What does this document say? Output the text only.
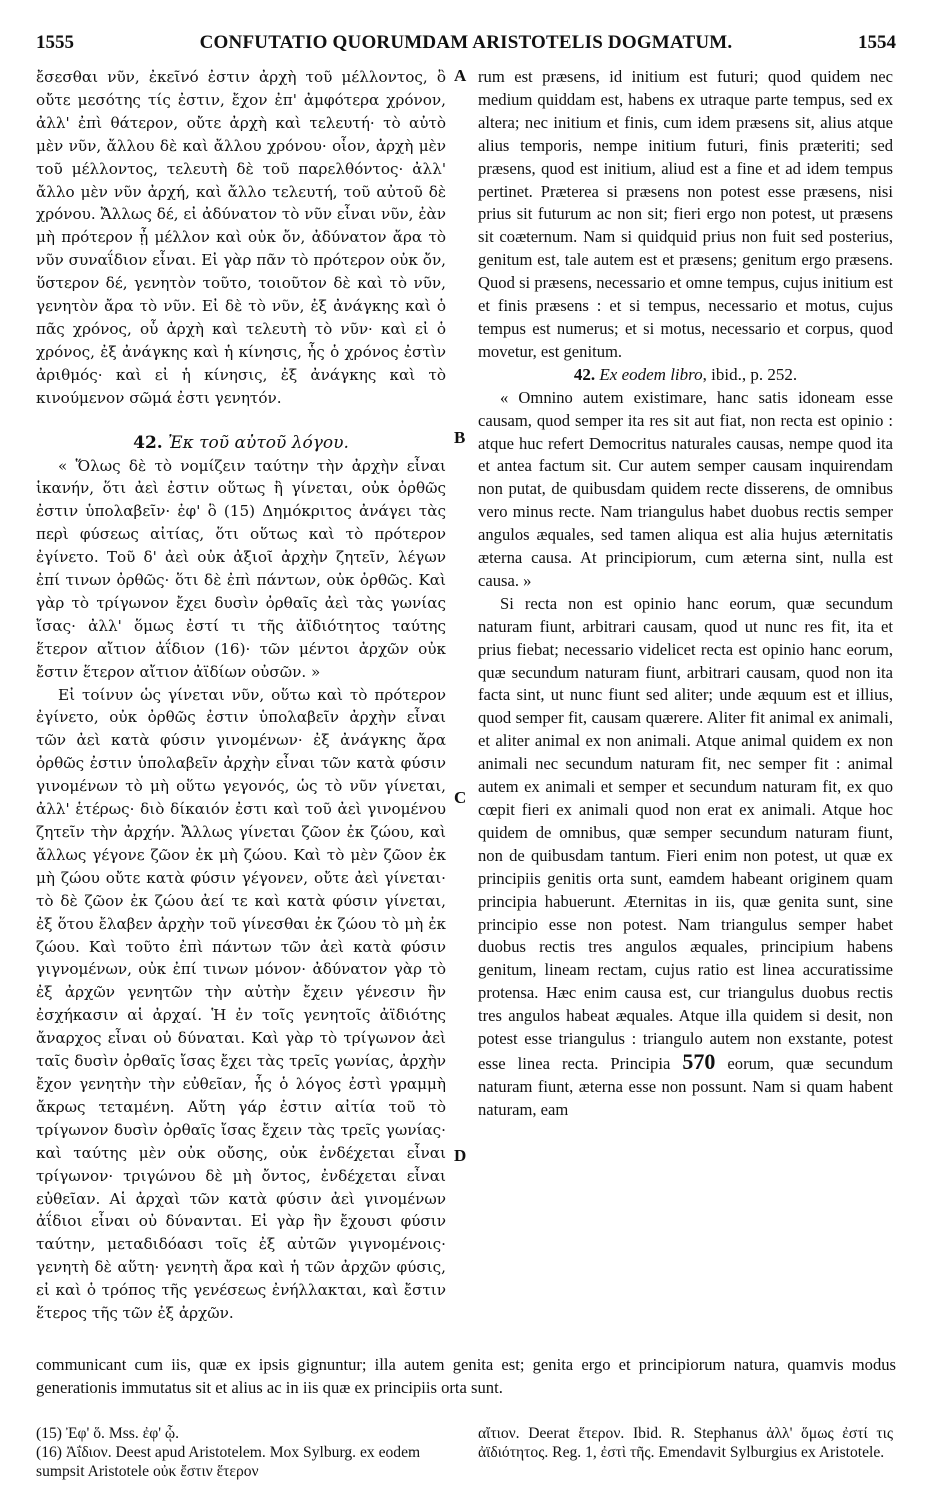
1555	CONFUTATIO QUORUMDAM ARISTOTELIS DOGMATUM.	1554

ἔσεσθαι νῦν, ἐκεῖνό ἐστιν ἀρχὴ τοῦ μέλλοντος, ὃ οὔτε μεσότης τίς ἐστιν, ἔχον ἐπ' ἀμφότερα χρόνον, ἀλλ' ἐπὶ θάτερον, οὔτε ἀρχὴ καὶ τελευτή· τὸ αὐτὸ μὲν νῦν, ἄλλου δὲ καὶ ἄλλου χρόνου· οἷον, ἀρχὴ μὲν τοῦ μέλλοντος, τελευτὴ δὲ τοῦ παρελθόντος· ἀλλ' ἄλλο μὲν νῦν ἀρχή, καὶ ἄλλο τελευτή, τοῦ αὐτοῦ δὲ χρόνου. Ἄλλως δέ, εἰ ἀδύνατον τὸ νῦν εἶναι νῦν, ἐὰν μὴ πρότερον ᾖ μέλλον καὶ οὐκ ὄν, ἀδύνατον ἄρα τὸ νῦν συναΐδιον εἶναι. Εἰ γὰρ πᾶν τὸ πρότερον οὐκ ὄν, ὕστερον δέ, γενητὸν τοῦτο, τοιοῦτον δὲ καὶ τὸ νῦν, γενητὸν ἄρα τὸ νῦν. Εἰ δὲ τὸ νῦν, ἐξ ἀνάγκης καὶ ὁ πᾶς χρόνος, οὗ ἀρχὴ καὶ τελευτὴ τὸ νῦν· καὶ εἰ ὁ χρόνος, ἐξ ἀνάγκης καὶ ἡ κίνησις, ἧς ὁ χρόνος ἐστὶν ἀριθμός· καὶ εἰ ἡ κίνησις, ἐξ ἀνάγκης καὶ τὸ κινούμενον σῶμά ἐστι γενητόν.

42. Ἐκ τοῦ αὐτοῦ λόγου.

« Ὅλως δὲ τὸ νομίζειν ταύτην τὴν ἀρχὴν εἶναι ἱκανήν, ὅτι ἀεὶ ἐστιν οὕτως ἢ γίνεται, οὐκ ὀρθῶς ἐστιν ὑπολαβεῖν· ἐφ' ὃ (15) Δημόκριτος ἀνάγει τὰς περὶ φύσεως αἰτίας, ὅτι οὕτως καὶ τὸ πρότερον ἐγίνετο. Τοῦ δ' ἀεὶ οὐκ ἀξιοῖ ἀρχὴν ζητεῖν, λέγων ἐπί τινων ὀρθῶς· ὅτι δὲ ἐπὶ πάντων, οὐκ ὀρθῶς. Καὶ γὰρ τὸ τρίγωνον ἔχει δυσὶν ὀρθαῖς ἀεὶ τὰς γωνίας ἴσας· ἀλλ' ὅμως ἐστί τι τῆς ἀϊδιότητος ταύτης ἕτερον αἴτιον ἀΐδιον (16)· τῶν μέντοι ἀρχῶν οὐκ ἔστιν ἕτερον αἴτιον ἀϊδίων οὐσῶν. »

Εἰ τοίνυν ὡς γίνεται νῦν, οὕτω καὶ τὸ πρότερον ἐγίνετο, οὐκ ὀρθῶς ἐστιν ὑπολαβεῖν ἀρχὴν εἶναι τῶν ἀεὶ κατὰ φύσιν γινομένων· ἐξ ἀνάγκης ἄρα ὀρθῶς ἐστιν ὑπολαβεῖν ἀρχὴν εἶναι τῶν κατὰ φύσιν γινομένων τὸ μὴ οὕτω γεγονός, ὡς τὸ νῦν γίνεται, ἀλλ' ἑτέρως· διὸ δίκαιόν ἐστι καὶ τοῦ ἀεὶ γινομένου ζητεῖν τὴν ἀρχήν. Ἄλλως γίνεται ζῶον ἐκ ζώου, καὶ ἄλλως γέγονε ζῶον ἐκ μὴ ζώου. Καὶ τὸ μὲν ζῶον ἐκ μὴ ζώου οὔτε κατὰ φύσιν γέγονεν, οὔτε ἀεὶ γίνεται· τὸ δὲ ζῶον ἐκ ζώου ἀεί τε καὶ κατὰ φύσιν γίνεται, ἐξ ὅτου ἔλαβεν ἀρχὴν τοῦ γίνεσθαι ἐκ ζώου τὸ μὴ ἐκ ζώου. Καὶ τοῦτο ἐπὶ πάντων τῶν ἀεὶ κατὰ φύσιν γιγνομένων, οὐκ ἐπί τινων μόνον· ἀδύνατον γὰρ τὸ ἐξ ἀρχῶν γενητῶν τὴν αὐτὴν ἔχειν γένεσιν ἣν ἐσχήκασιν αἱ ἀρχαί. Ἡ ἐν τοῖς γενητοῖς ἀϊδιότης ἄναρχος εἶναι οὐ δύναται. Καὶ γὰρ τὸ τρίγωνον ἀεὶ ταῖς δυσὶν ὀρθαῖς ἴσας ἔχει τὰς τρεῖς γωνίας, ἀρχὴν ἔχον γενητὴν τὴν εὐθεῖαν, ἧς ὁ λόγος ἐστὶ γραμμὴ ἄκρως τεταμένη. Αὕτη γάρ ἐστιν αἰτία τοῦ τὸ τρίγωνον δυσὶν ὀρθαῖς ἴσας ἔχειν τὰς τρεῖς γωνίας· καὶ ταύτης μὲν οὐκ οὔσης, οὐκ ἐνδέχεται εἶναι τρίγωνον· τριγώνου δὲ μὴ ὄντος, ἐνδέχεται εἶναι εὐθεῖαν. Αἱ ἀρχαὶ τῶν κατὰ φύσιν ἀεὶ γινομένων ἀΐδιοι εἶναι οὐ δύνανται. Εἰ γὰρ ἣν ἔχουσι φύσιν ταύτην, μεταδιδόασι τοῖς ἐξ αὐτῶν γιγνομένοις· γενητὴ δὲ αὕτη· γενητὴ ἄρα καὶ ἡ τῶν ἀρχῶν φύσις, εἰ καὶ ὁ τρόπος τῆς γενέσεως ἐνήλλακται, καὶ ἔστιν ἕτερος τῆς τῶν ἐξ ἀρχῶν.

A
B
C
D

rum est præsens, id initium est futuri; quod quidem nec medium quiddam est, habens ex utraque parte tempus, sed ex altera; nec initium et finis, cum idem præsens sit, alius atque alius temporis, nempe initium futuri, finis præteriti; sed præsens, quod est initium, aliud est a fine et ad idem tempus pertinet. Præterea si præsens non potest esse præsens, nisi prius sit futurum ac non sit; fieri ergo non potest, ut præsens sit coæternum. Nam si quidquid prius non fuit sed posterius, genitum est, tale autem est et præsens; genitum ergo præsens. Quod si præsens, necessario et omne tempus, cujus initium est et finis præsens : et si tempus, necessario et motus, cujus tempus est numerus; et si motus, necessario et corpus, quod movetur, est genitum.

42. Ex eodem libro, ibid., p. 252.

« Omnino autem existimare, hanc satis idoneam esse causam, quod semper ita res sit aut fiat, non recta est opinio : atque huc refert Democritus naturales causas, nempe quod ita et antea factum sit. Cur autem semper causam inquirendam non putat, de quibusdam quidem recte disserens, de omnibus vero minus recte. Nam triangulus habet duobus rectis semper angulos æquales, sed tamen aliqua est alia hujus æternitatis æterna causa. At principiorum, cum æterna sint, nulla est causa. »

Si recta non est opinio hanc eorum, quæ secundum naturam fiunt, arbitrari causam, quod ut nunc res fit, ita et prius fiebat; necessario videlicet recta est opinio hanc eorum, quæ secundum naturam fiunt, arbitrari causam, quod non ita facta sint, ut nunc fiunt sed aliter; unde æquum est et illius, quod semper fit, causam quærere. Aliter fit animal ex animali, et aliter animal ex non animali. Atque animal quidem ex non animali nec secundum naturam fit, nec semper fit : animal autem ex animali et semper et secundum naturam fit, ex quo cœpit fieri ex animali quod non erat ex animali. Atque hoc quidem de omnibus, quæ semper secundum naturam fiunt, non de quibusdam tantum. Fieri enim non potest, ut quæ ex principiis genitis orta sunt, eamdem habeant originem quam principia habuerunt. Æternitas in iis, quæ genita sunt, sine principio esse non potest. Nam triangulus semper habet duobus rectis tres angulos æquales, principium habens genitum, lineam rectam, cujus ratio est linea accuratissime protensa. Hæc enim causa est, cur triangulus duobus rectis tres angulos habeat æquales. Atque illa quidem si desit, non potest esse triangulus : triangulo autem non exstante, potest esse linea recta. Principia 570 eorum, quæ secundum naturam fiunt, æterna esse non possunt. Nam si quam habent naturam, eam

communicant cum iis, quæ ex ipsis gignuntur; illa autem genita est; genita ergo et principiorum natura, quamvis modus generationis immutatus sit et alius ac in iis quæ ex principiis orta sunt.
(15) Ἐφ' ὅ. Mss. ἐφ' ᾧ.
(16) Ἀΐδιον. Deest apud Aristotelem. Mox Sylburg. ex eodem sumpsit Aristotele οὐκ ἔστιν ἕτερον
αἴτιον. Deerat ἕτερον. Ibid. R. Stephanus ἀλλ' ὅμως ἐστί τις ἀϊδιότητος. Reg. 1, ἐστὶ τῆς. Emendavit Sylburgius ex Aristotele.
